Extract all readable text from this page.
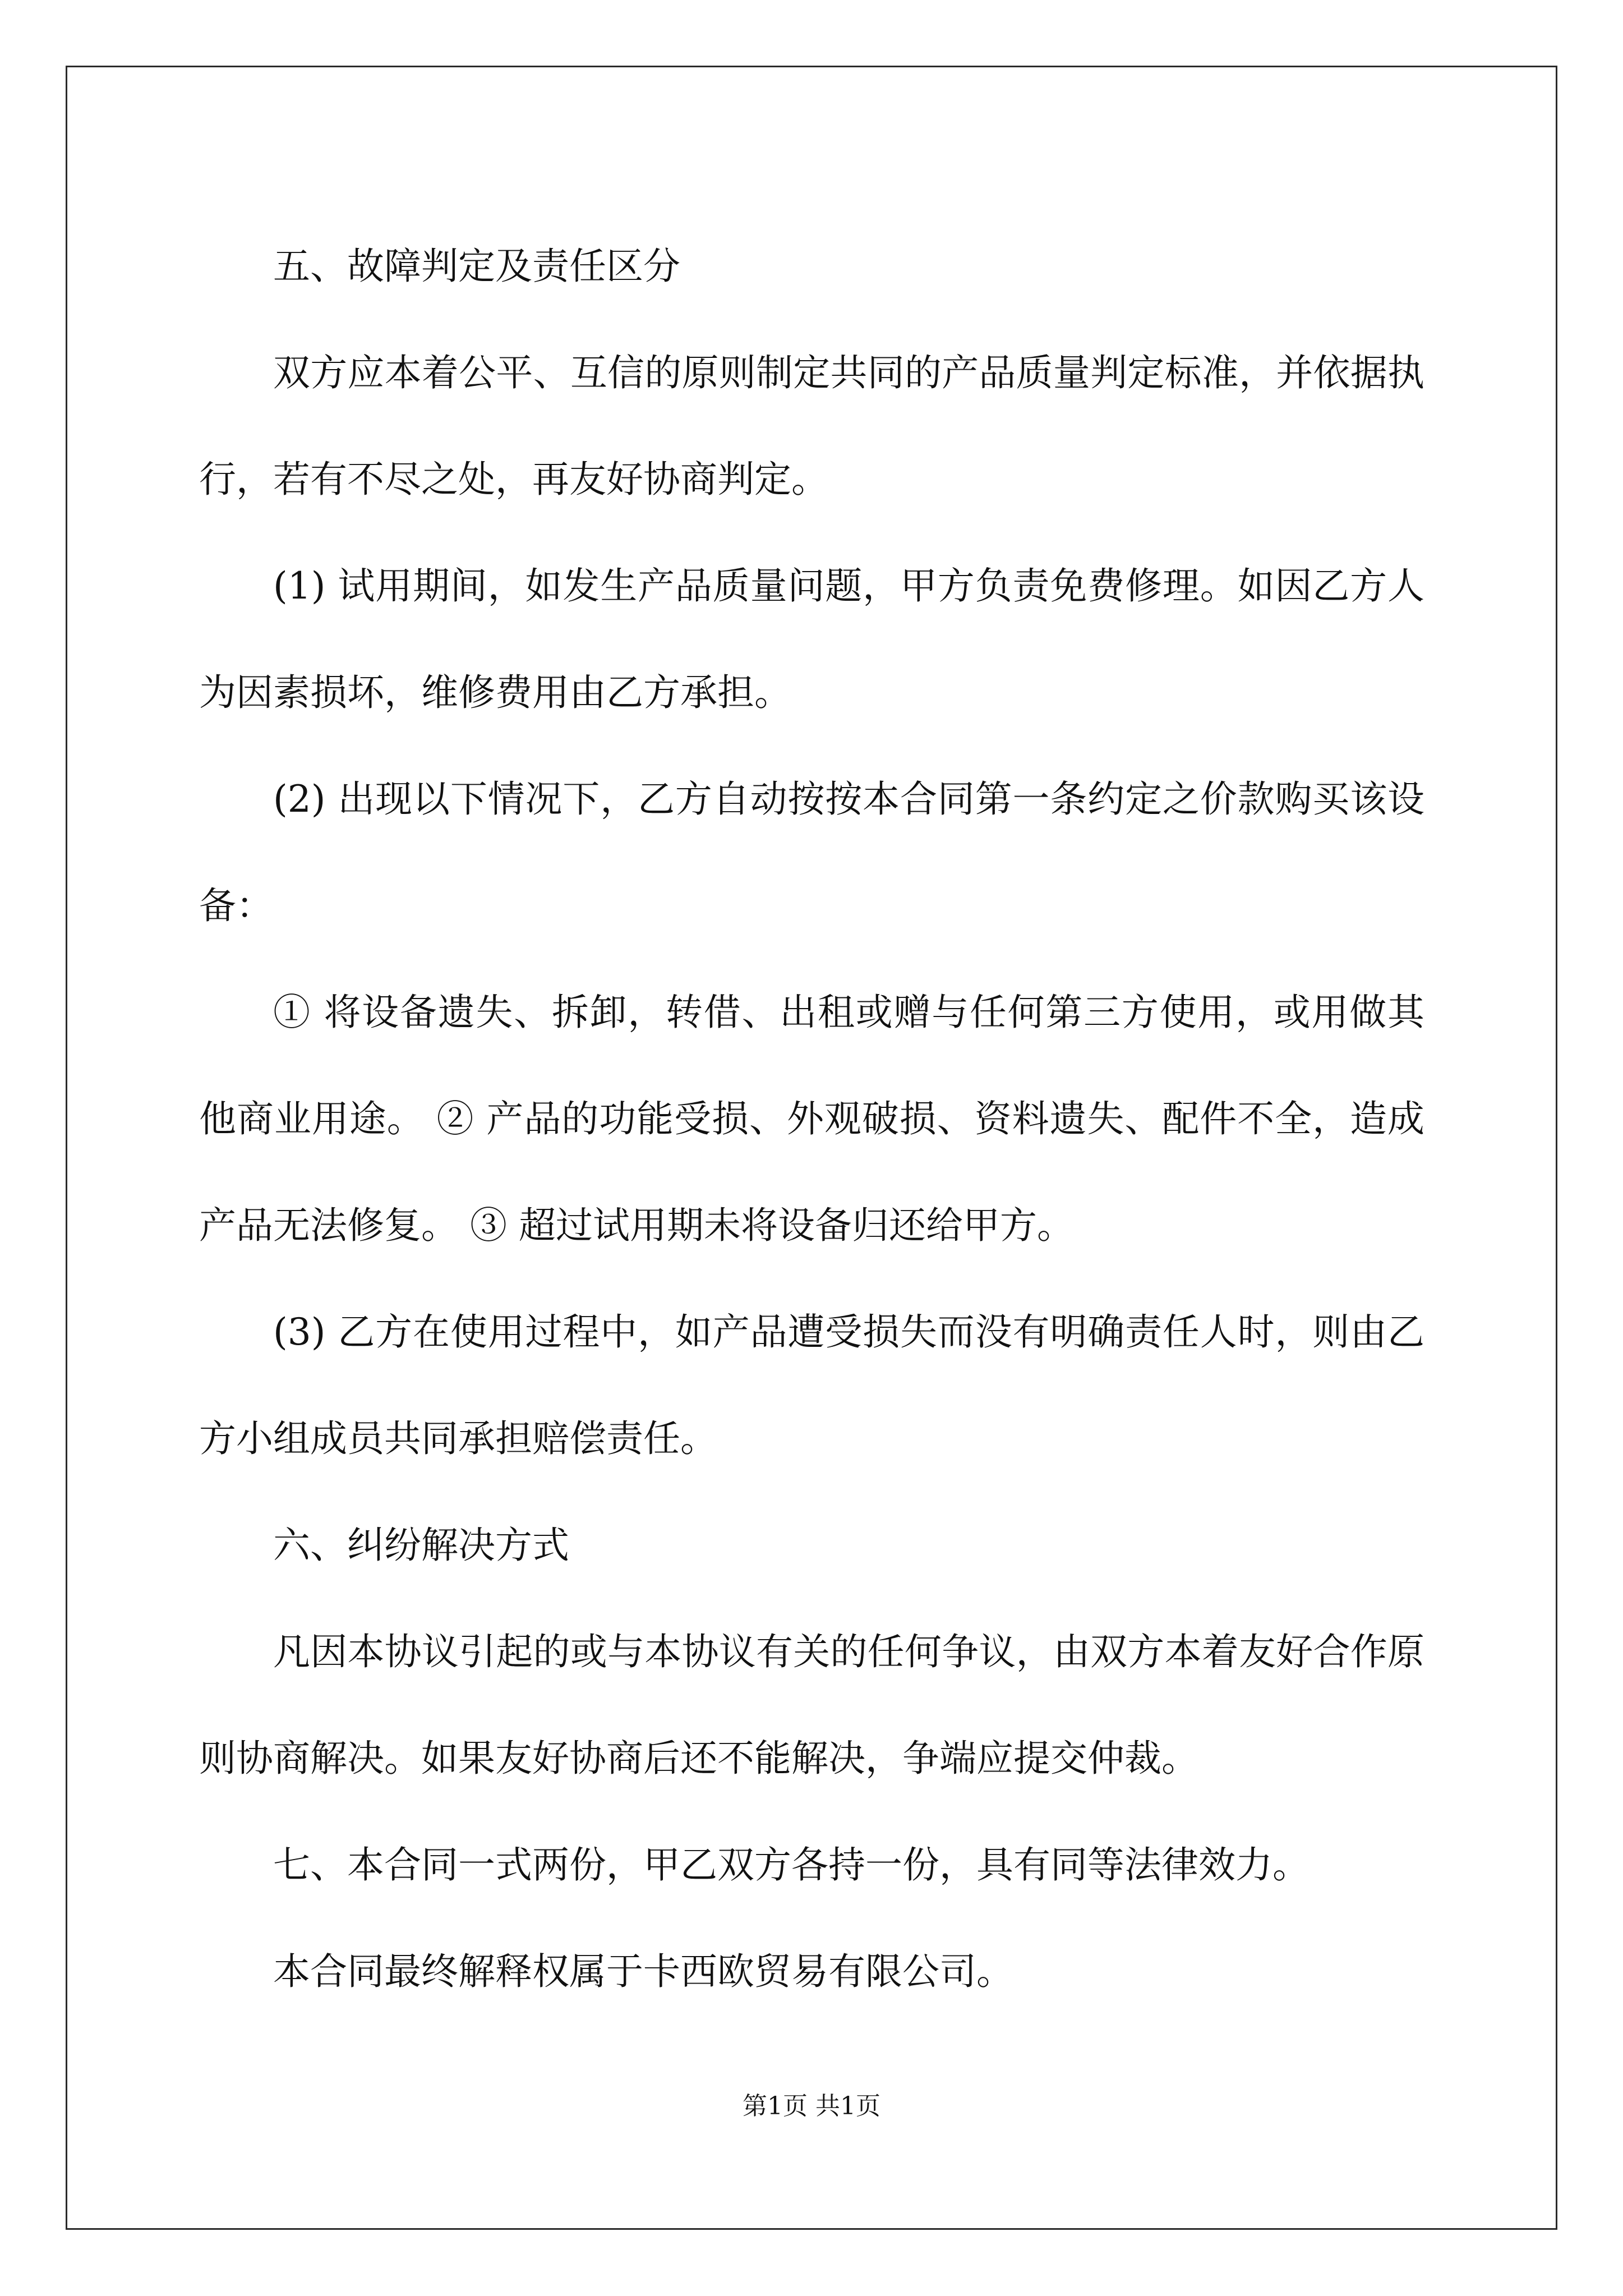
五、故障判定及责任区分

双方应本着公平、互信的原则制定共同的产品质量判定标准，并依据执行，若有不尽之处，再友好协商判定。

(1) 试用期间，如发生产品质量问题，甲方负责免费修理。如因乙方人为因素损坏，维修费用由乙方承担。

(2) 出现以下情况下，乙方自动按按本合同第一条约定之价款购买该设备：

① 将设备遗失、拆卸，转借、出租或赠与任何第三方使用，或用做其他商业用途。 ② 产品的功能受损、外观破损、资料遗失、配件不全，造成产品无法修复。 ③ 超过试用期未将设备归还给甲方。

(3) 乙方在使用过程中，如产品遭受损失而没有明确责任人时，则由乙方小组成员共同承担赔偿责任。

六、纠纷解决方式

凡因本协议引起的或与本协议有关的任何争议，由双方本着友好合作原则协商解决。如果友好协商后还不能解决，争端应提交仲裁。

七、本合同一式两份，甲乙双方各持一份，具有同等法律效力。

本合同最终解释权属于卡西欧贸易有限公司。

第1页 共1页
